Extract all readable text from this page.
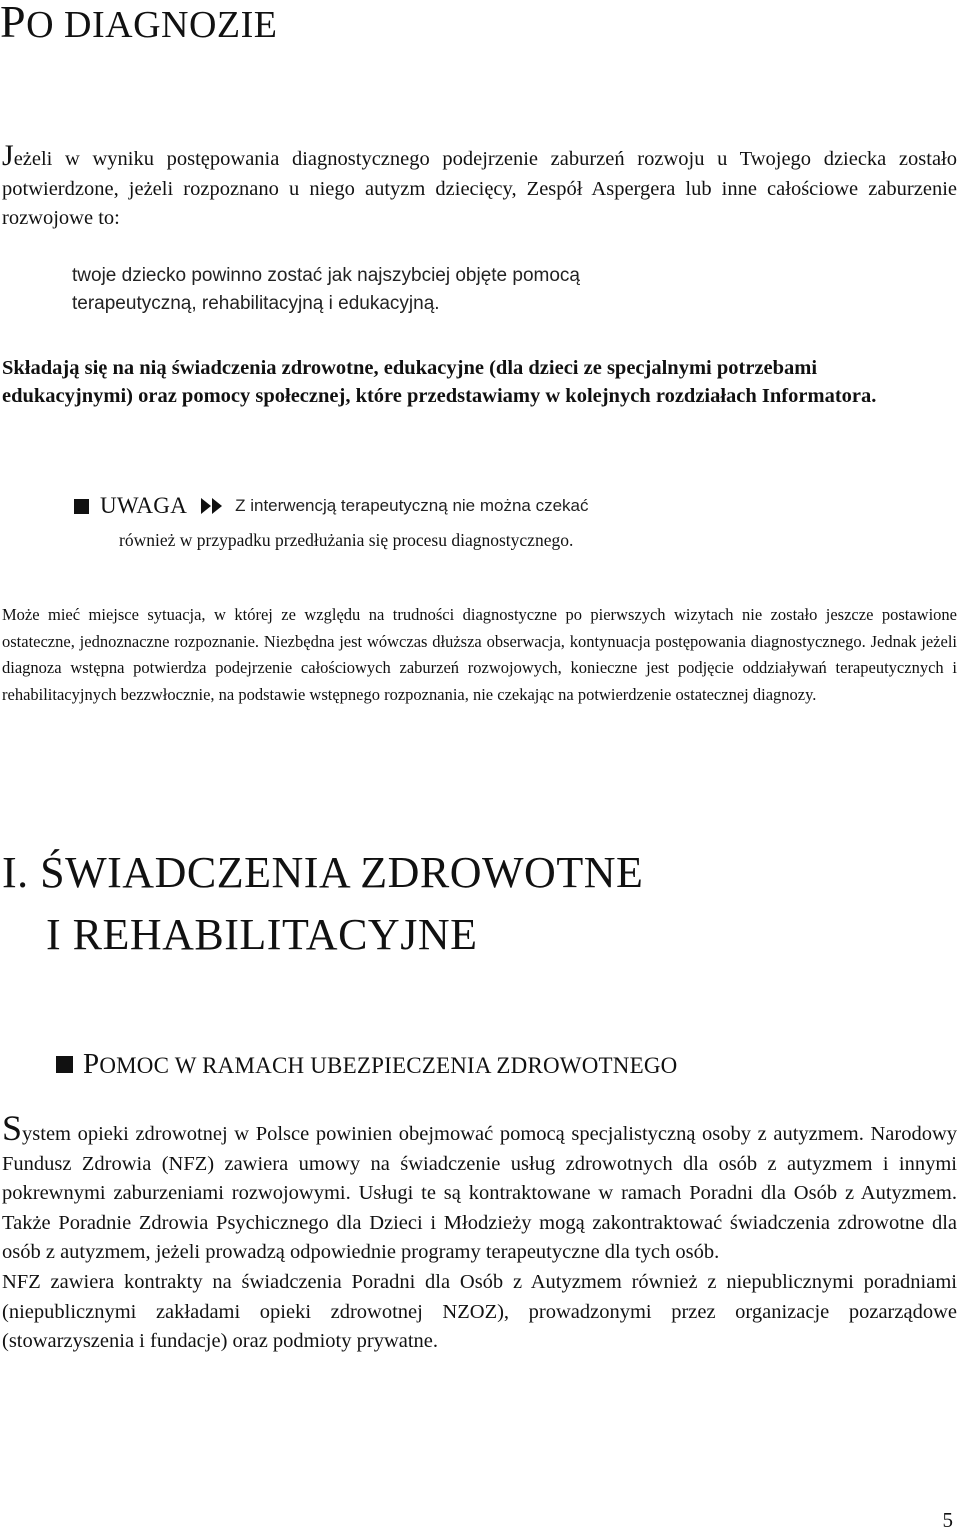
PO DIAGNOZIE
Jeżeli w wyniku postępowania diagnostycznego podejrzenie zaburzeń rozwoju u Twojego dziecka zostało potwierdzone, jeżeli rozpoznano u niego autyzm dziecięcy, Zespół Aspergera lub inne całościowe zaburzenie rozwojowe to:
twoje dziecko powinno zostać jak najszybciej objęte pomocą terapeutyczną, rehabilitacyjną i edukacyjną.
Składają się na nią świadczenia zdrowotne, edukacyjne (dla dzieci ze specjalnymi potrzebami edukacyjnymi) oraz pomocy społecznej, które przedstawiamy w kolejnych rozdziałach Informatora.
UWAGA	Z interwencją terapeutyczną nie można czekać
również w przypadku przedłużania się procesu diagnostycznego.
Może mieć miejsce sytuacja, w której ze względu na trudności diagnostyczne po pierwszych wizytach nie zostało jeszcze postawione ostateczne, jednoznaczne rozpoznanie. Niezbędna jest wówczas dłuższa obserwacja, kontynuacja postępowania diagnostycznego. Jednak jeżeli diagnoza wstępna potwierdza podejrzenie całościowych zaburzeń rozwojowych, konieczne jest podjęcie oddziaływań terapeutycznych i rehabilitacyjnych bezzwłocznie, na podstawie wstępnego rozpoznania, nie czekając na potwierdzenie ostatecznej diagnozy.
I. ŚWIADCZENIA ZDROWOTNE
I REHABILITACYJNE
POMOC W RAMACH UBEZPIECZENIA ZDROWOTNEGO
System opieki zdrowotnej w Polsce powinien obejmować pomocą specjalistyczną osoby z autyzmem. Narodowy Fundusz Zdrowia (NFZ) zawiera umowy na świadczenie usług zdrowotnych dla osób z autyzmem i innymi pokrewnymi zaburzeniami rozwojowymi. Usługi te są kontraktowane w ramach Poradni dla Osób z Autyzmem. Także Poradnie Zdrowia Psychicznego dla Dzieci i Młodzieży mogą zakontraktować świadczenia zdrowotne dla osób z autyzmem, jeżeli prowadzą odpowiednie programy terapeutyczne dla tych osób.
NFZ zawiera kontrakty na świadczenia Poradni dla Osób z Autyzmem również z niepublicznymi poradniami (niepublicznymi zakładami opieki zdrowotnej NZOZ), prowadzonymi przez organizacje pozarządowe (stowarzyszenia i fundacje) oraz podmioty prywatne.
5
